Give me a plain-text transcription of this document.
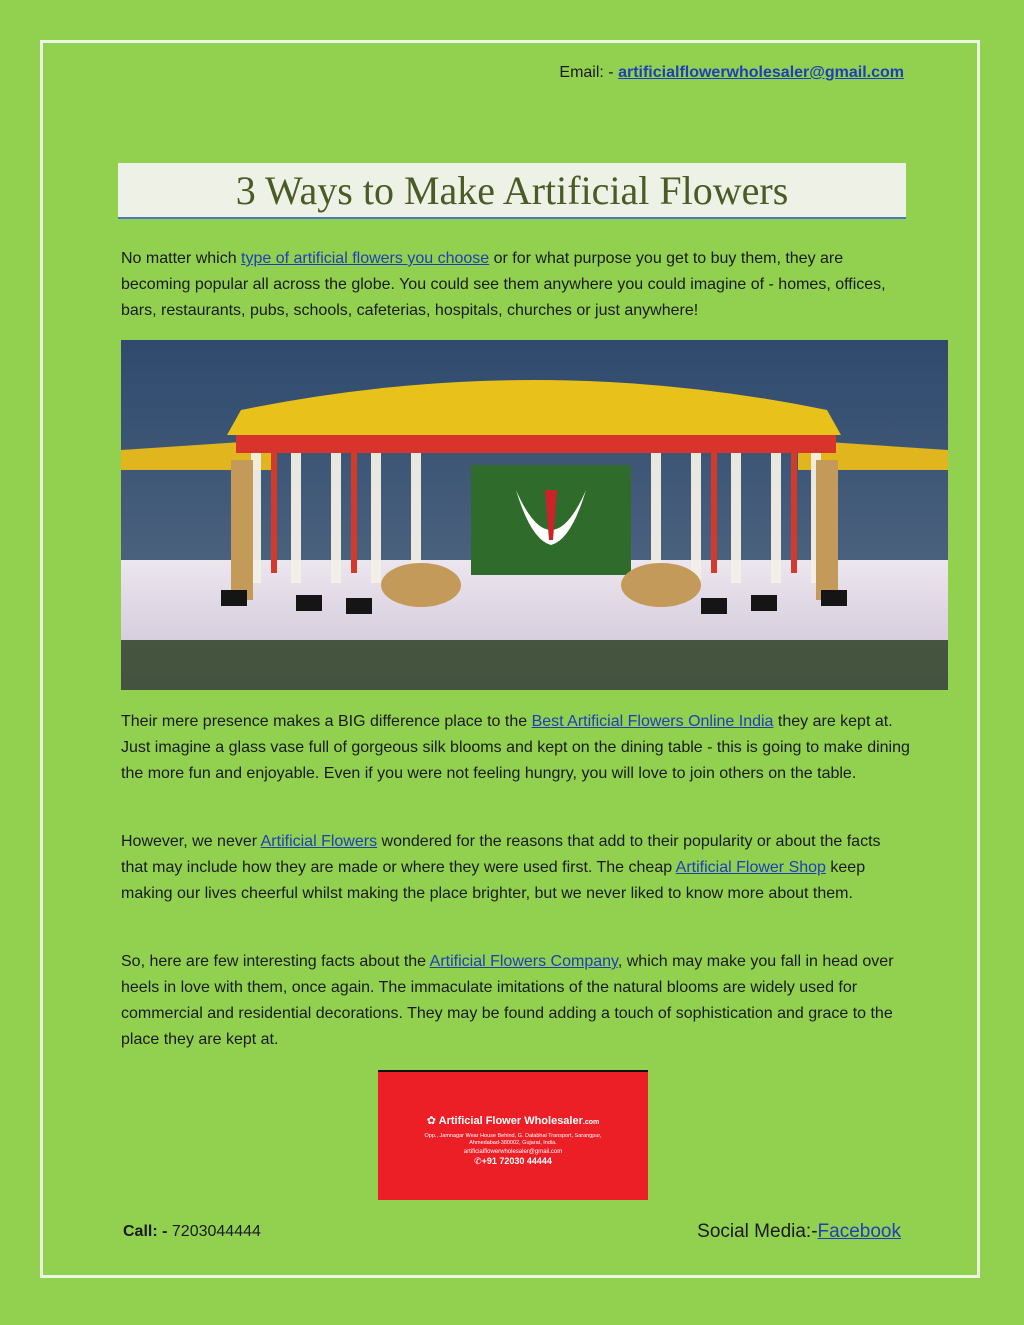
Email: - artificialflowerwholesaler@gmail.com
3 Ways to Make Artificial Flowers

No matter which type of artificial flowers you choose or for what purpose you get to buy them, they are becoming popular all across the globe. You could see them anywhere you could imagine of - homes, offices, bars, restaurants, pubs, schools, cafeterias, hospitals, churches or just anywhere!

Their mere presence makes a BIG difference place to the Best Artificial Flowers Online India they are kept at. Just imagine a glass vase full of gorgeous silk blooms and kept on the dining table - this is going to make dining the more fun and enjoyable. Even if you were not feeling hungry, you will love to join others on the table.

However, we never Artificial Flowers wondered for the reasons that add to their popularity or about the facts that may include how they are made or where they were used first. The cheap Artificial Flower Shop keep making our lives cheerful whilst making the place brighter, but we never liked to know more about them.

So, here are few interesting facts about the Artificial Flowers Company, which may make you fall in head over heels in love with them, once again. The immaculate imitations of the natural blooms are widely used for commercial and residential decorations. They may be found adding a touch of sophistication and grace to the place they are kept at.

✿ Artificial Flower Wholesaler.com
Opp., Jamnagar Wear House Behind, G. Dalabhai Transport, Sarangpur, Ahmedabad-380002, Gujarat, India.
artificialflowerwholesaler@gmail.com
✆+91 72030 44444
Call: - 7203044444	Social Media:-Facebook
